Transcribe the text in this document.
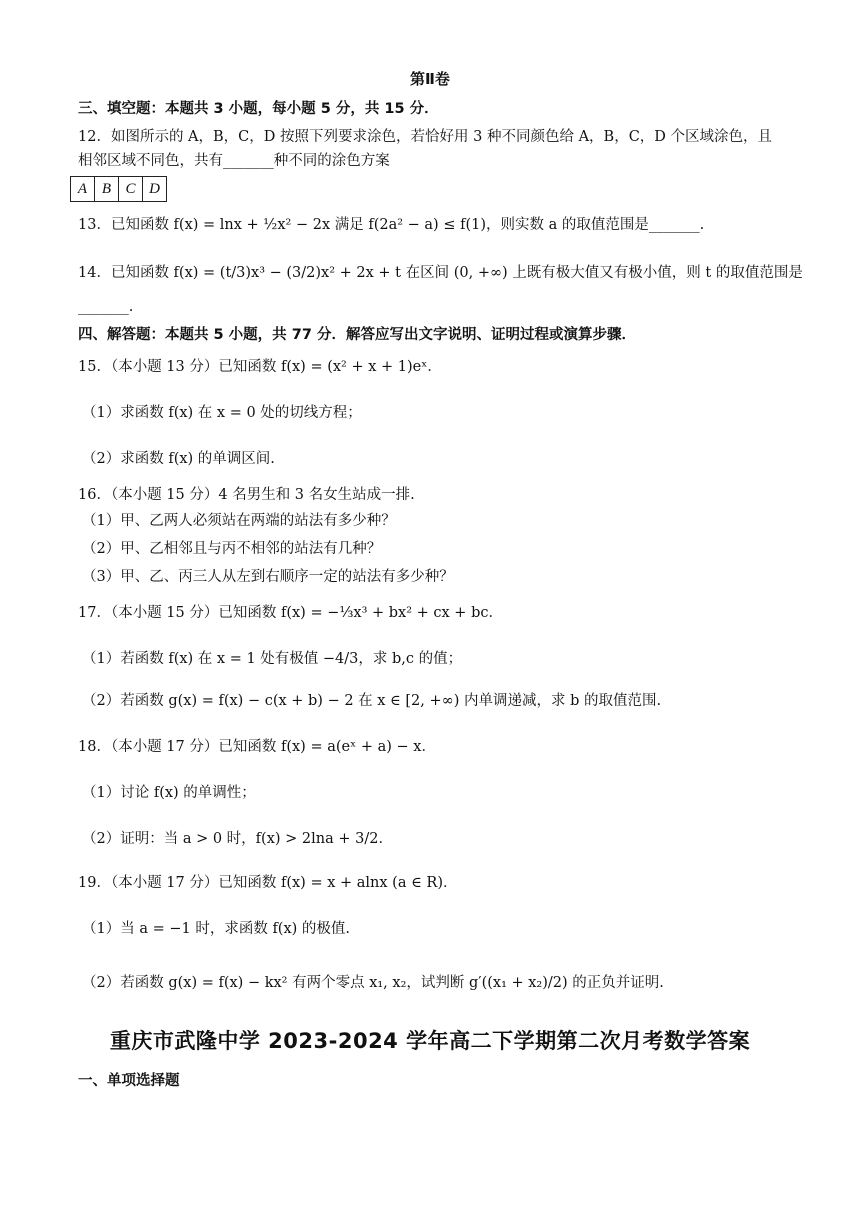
第Ⅱ卷
三、填空题：本题共 3 小题，每小题 5 分，共 15 分．
12．如图所示的 A，B，C，D 按照下列要求涂色，若恰好用 3 种不同颜色给 A，B，C，D 个区域涂色，且
相邻区域不同色，共有_______种不同的涂色方案
A	B	C	D
13．已知函数 f(x) = lnx + ½x² − 2x 满足 f(2a² − a) ≤ f(1)，则实数 a 的取值范围是_______.
14．已知函数 f(x) = (t/3)x³ − (3/2)x² + 2x + t 在区间 (0, +∞) 上既有极大值又有极小值，则 t 的取值范围是
_______.
四、解答题：本题共 5 小题，共 77 分．解答应写出文字说明、证明过程或演算步骤．
15．（本小题 13 分）已知函数 f(x) = (x² + x + 1)eˣ．
（1）求函数 f(x) 在 x = 0 处的切线方程；
（2）求函数 f(x) 的单调区间.
16．（本小题 15 分）4 名男生和 3 名女生站成一排.
（1）甲、乙两人必须站在两端的站法有多少种？
（2）甲、乙相邻且与丙不相邻的站法有几种？
（3）甲、乙、丙三人从左到右顺序一定的站法有多少种？
17．（本小题 15 分）已知函数 f(x) = −⅓x³ + bx² + cx + bc．
（1）若函数 f(x) 在 x = 1 处有极值 −4/3，求 b,c 的值；
（2）若函数 g(x) = f(x) − c(x + b) − 2 在 x ∈ [2, +∞) 内单调递减，求 b 的取值范围.
18．（本小题 17 分）已知函数 f(x) = a(eˣ + a) − x．
（1）讨论 f(x) 的单调性；
（2）证明：当 a > 0 时，f(x) > 2lna + 3/2．
19．（本小题 17 分）已知函数 f(x) = x + alnx (a ∈ R)．
（1）当 a = −1 时，求函数 f(x) 的极值.
（2）若函数 g(x) = f(x) − kx² 有两个零点 x₁, x₂，试判断 g′((x₁ + x₂)/2) 的正负并证明.
重庆市武隆中学 2023-2024 学年高二下学期第二次月考数学答案
一、单项选择题
